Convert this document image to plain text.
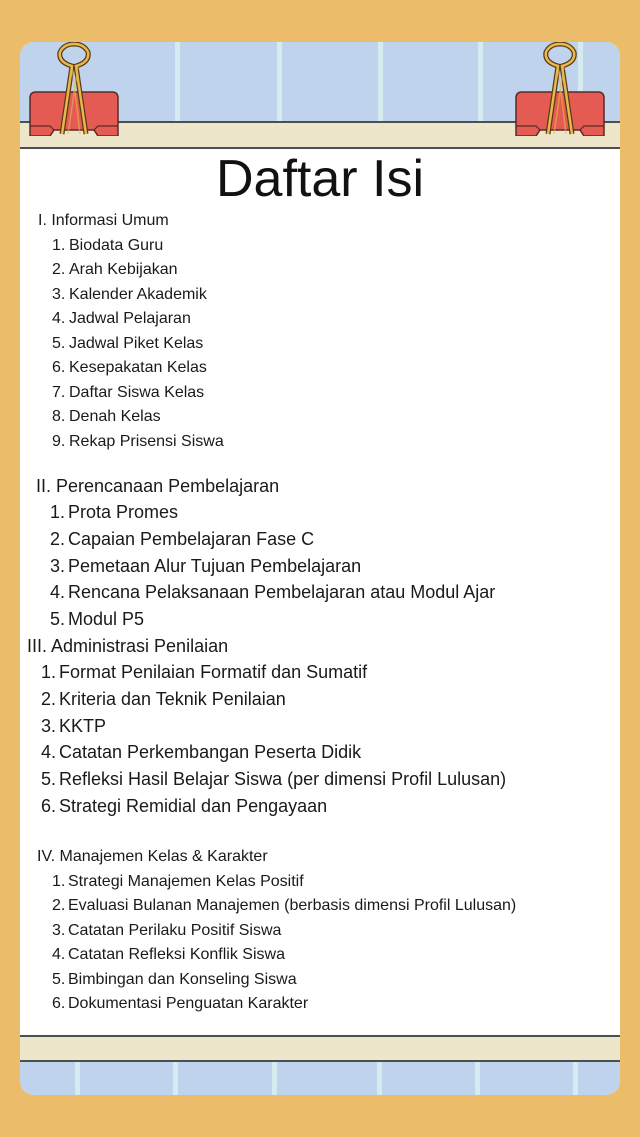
Daftar Isi
I. Informasi Umum
1. Biodata Guru
2. Arah Kebijakan
3. Kalender Akademik
4. Jadwal Pelajaran
5. Jadwal Piket Kelas
6. Kesepakatan Kelas
7. Daftar Siswa Kelas
8. Denah Kelas
9. Rekap Prisensi Siswa
II. Perencanaan Pembelajaran
1. Prota Promes
2. Capaian Pembelajaran Fase C
3. Pemetaan Alur Tujuan Pembelajaran
4. Rencana Pelaksanaan Pembelajaran atau Modul Ajar
5. Modul P5
III. Administrasi Penilaian
1. Format Penilaian Formatif dan Sumatif
2. Kriteria dan Teknik Penilaian
3. KKTP
4. Catatan Perkembangan Peserta Didik
5. Refleksi Hasil Belajar Siswa (per dimensi Profil Lulusan)
6. Strategi Remidial dan Pengayaan
IV. Manajemen Kelas & Karakter
1. Strategi Manajemen Kelas Positif
2. Evaluasi Bulanan Manajemen (berbasis dimensi Profil Lulusan)
3. Catatan Perilaku Positif Siswa
4. Catatan Refleksi Konflik Siswa
5. Bimbingan dan Konseling Siswa
6. Dokumentasi Penguatan Karakter
